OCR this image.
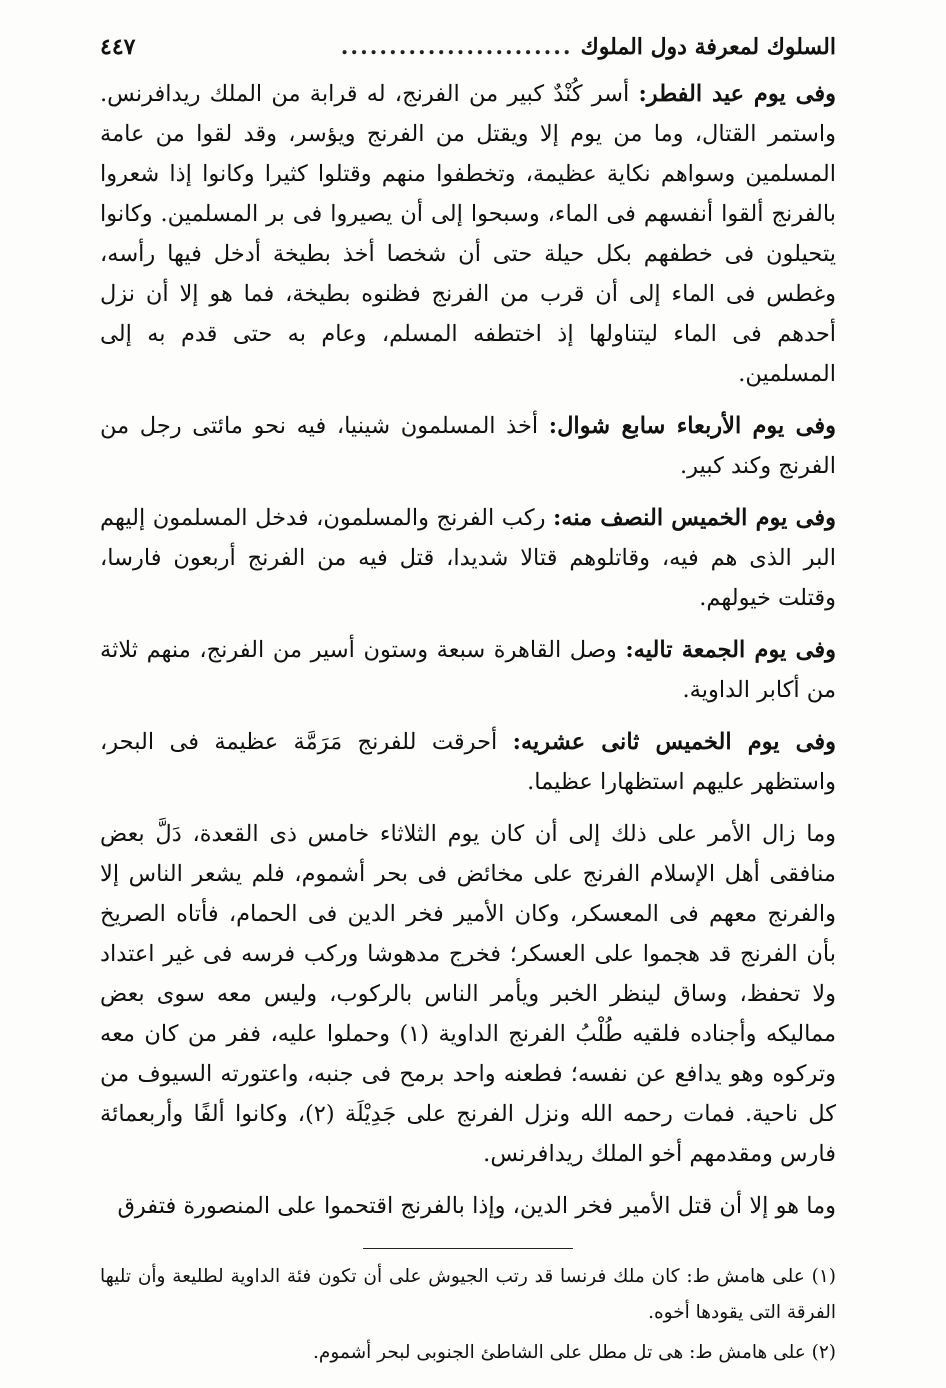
السلوك لمعرفة دول الملوك
........................
٤٤٧

وفى يوم عيد الفطر: أسر كُنْدٌ كبير من الفرنج، له قرابة من الملك ريدافرنس. واستمر القتال، وما من يوم إلا ويقتل من الفرنج ويؤسر، وقد لقوا من عامة المسلمين وسواهم نكاية عظيمة، وتخطفوا منهم وقتلوا كثيرا وكانوا إذا شعروا بالفرنج ألقوا أنفسهم فى الماء، وسبحوا إلى أن يصيروا فى بر المسلمين. وكانوا يتحيلون فى خطفهم بكل حيلة حتى أن شخصا أخذ بطيخة أدخل فيها رأسه، وغطس فى الماء إلى أن قرب من الفرنج فظنوه بطيخة، فما هو إلا أن نزل أحدهم فى الماء ليتناولها إذ اختطفه المسلم، وعام به حتى قدم به إلى المسلمين.

وفى يوم الأربعاء سابع شوال: أخذ المسلمون شينيا، فيه نحو مائتى رجل من الفرنج وكند كبير.

وفى يوم الخميس النصف منه: ركب الفرنج والمسلمون، فدخل المسلمون إليهم البر الذى هم فيه، وقاتلوهم قتالا شديدا، قتل فيه من الفرنج أربعون فارسا، وقتلت خيولهم.

وفى يوم الجمعة تاليه: وصل القاهرة سبعة وستون أسير من الفرنج، منهم ثلاثة من أكابر الداوية.

وفى يوم الخميس ثانى عشريه: أحرقت للفرنج مَرَمَّة عظيمة فى البحر، واستظهر عليهم استظهارا عظيما.

وما زال الأمر على ذلك إلى أن كان يوم الثلاثاء خامس ذى القعدة، دَلَّ بعض منافقى أهل الإسلام الفرنج على مخائض فى بحر أشموم، فلم يشعر الناس إلا والفرنج معهم فى المعسكر، وكان الأمير فخر الدين فى الحمام، فأتاه الصريخ بأن الفرنج قد هجموا على العسكر؛ فخرج مدهوشا وركب فرسه فى غير اعتداد ولا تحفظ، وساق لينظر الخبر ويأمر الناس بالركوب، وليس معه سوى بعض مماليكه وأجناده فلقيه طُلْبُ الفرنج الداوية (١) وحملوا عليه، ففر من كان معه وتركوه وهو يدافع عن نفسه؛ فطعنه واحد برمح فى جنبه، واعتورته السيوف من كل ناحية. فمات رحمه الله ونزل الفرنج على جَدِيْلَة (٢)، وكانوا ألفًا وأربعمائة فارس ومقدمهم أخو الملك ريدافرنس.

وما هو إلا أن قتل الأمير فخر الدين، وإذا بالفرنج اقتحموا على المنصورة فتفرق

(١) على هامش ط: كان ملك فرنسا قد رتب الجيوش على أن تكون فئة الداوية لطليعة وأن تليها الفرقة التى يقودها أخوه.

(٢) على هامش ط: هى تل مطل على الشاطئ الجنوبى لبحر أشموم.
